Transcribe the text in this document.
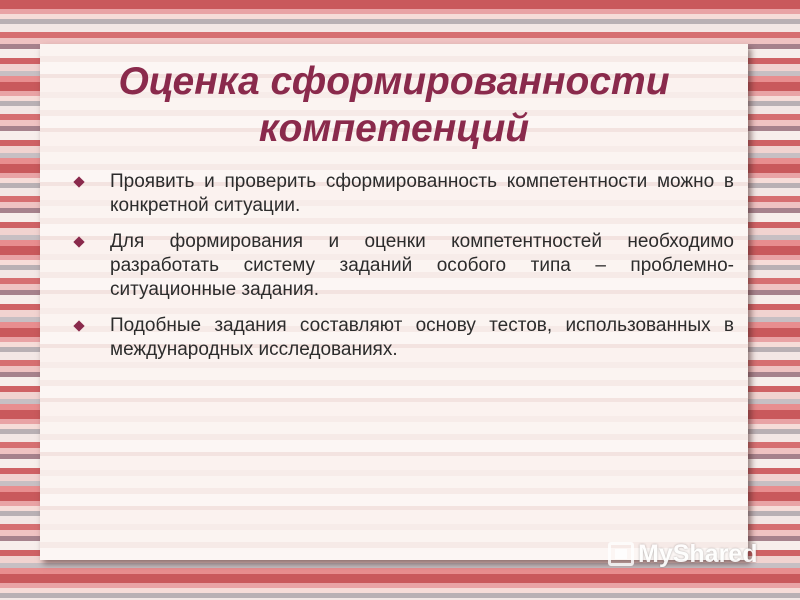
Оценка сформированности компетенций
Проявить и проверить сформированность компетентности можно в конкретной ситуации.
Для формирования и оценки компетентностей необходимо разработать систему заданий особого типа – проблемно-ситуационные задания.
Подобные задания составляют основу тестов, использованных в международных исследованиях.
MyShared
